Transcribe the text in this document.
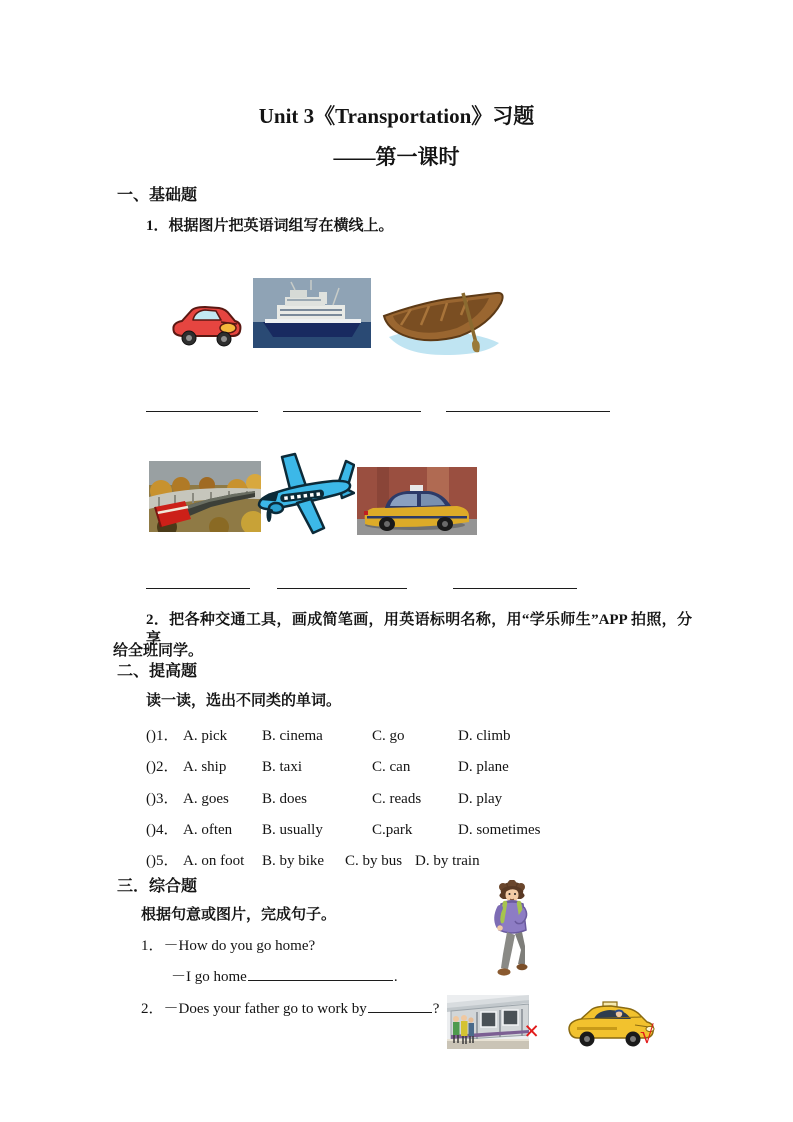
Unit 3《Transportation》习题
——第一课时
一、基础题
1．根据图片把英语词组写在横线上。
2．把各种交通工具，画成简笔画，用英语标明名称，用“学乐师生”APP 拍照，分享
给全班同学。
二、提高题
读一读，选出不同类的单词。
()1． A. pick B. cinema	C. go	D. climb
()2． A. ship B. taxi	C. can	D. plane
()3． A. goes B. does	C. reads D. play
()4． A. often B. usually	C.park	D. sometimes
()5． A. on foot B. by bike C. by bus D. by train
三．综合题
根据句意或图片，完成句子。
1．－How do you go home?
－I go home	.
2．－Does your father go to work by	?
×	√
